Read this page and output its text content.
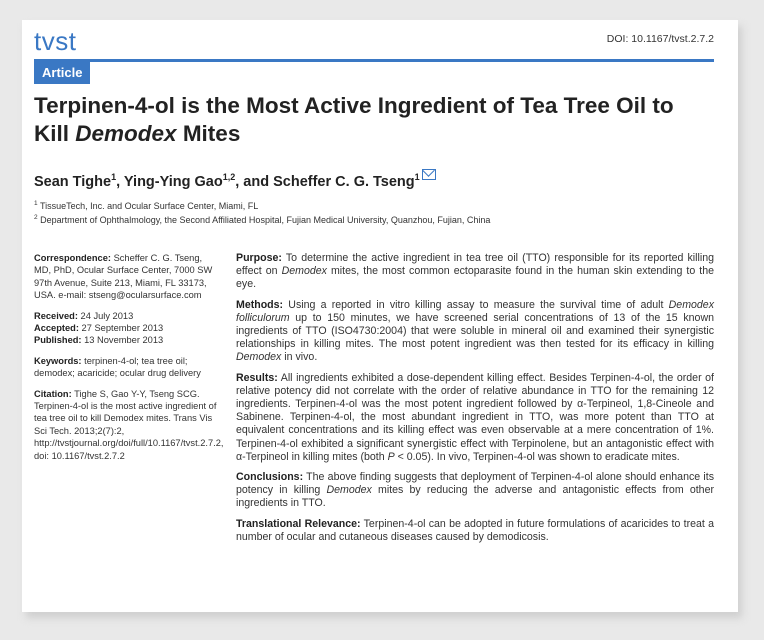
tvst	DOI: 10.1167/tvst.2.7.2
Article
Terpinen-4-ol is the Most Active Ingredient of Tea Tree Oil to Kill Demodex Mites
Sean Tighe$^1$, Ying-Ying Gao$^{1,2}$, and Scheffer C. G. Tseng$^1$
$^1$ TissueTech, Inc. and Ocular Surface Center, Miami, FL
$^2$ Department of Ophthalmology, the Second Affiliated Hospital, Fujian Medical University, Quanzhou, Fujian, China
Correspondence: Scheffer C. G. Tseng, MD, PhD, Ocular Surface Center, 7000 SW 97th Avenue, Suite 213, Miami, FL 33173, USA. e-mail: stseng@ocularsurface.com
Received: 24 July 2013
Accepted: 27 September 2013
Published: 13 November 2013
Keywords: terpinen-4-ol; tea tree oil; demodex; acaricide; ocular drug delivery
Citation: Tighe S, Gao Y-Y, Tseng SCG. Terpinen-4-ol is the most active ingredient of tea tree oil to kill Demodex mites. Trans Vis Sci Tech. 2013;2(7):2, http://tvstjournal.org/doi/full/10.1167/tvst.2.7.2, doi: 10.1167/tvst.2.7.2

Purpose: To determine the active ingredient in tea tree oil (TTO) responsible for its reported killing effect on Demodex mites, the most common ectoparasite found in the human skin extending to the eye.

Methods: Using a reported in vitro killing assay to measure the survival time of adult Demodex folliculorum up to 150 minutes, we have screened serial concentrations of 13 of the 15 known ingredients of TTO (ISO4730:2004) that were soluble in mineral oil and examined their synergistic relationships in killing mites. The most potent ingredient was then tested for its efficacy in killing Demodex in vivo.

Results: All ingredients exhibited a dose-dependent killing effect. Besides Terpinen-4-ol, the order of relative potency did not correlate with the order of relative abundance in TTO for the remaining 12 ingredients. Terpinen-4-ol was the most potent ingredient followed by α-Terpineol, 1,8-Cineole and Sabinene. Terpinen-4-ol, the most abundant ingredient in TTO, was more potent than TTO at equivalent concentrations and its killing effect was even observable at a mere concentration of 1%. Terpinen-4-ol exhibited a significant synergistic effect with Terpinolene, but an antagonistic effect with α-Terpineol in killing mites (both P < 0.05). In vivo, Terpinen-4-ol was shown to eradicate mites.

Conclusions: The above finding suggests that deployment of Terpinen-4-ol alone should enhance its potency in killing Demodex mites by reducing the adverse and antagonistic effects from other ingredients in TTO.

Translational Relevance: Terpinen-4-ol can be adopted in future formulations of acaricides to treat a number of ocular and cutaneous diseases caused by demodicosis.
